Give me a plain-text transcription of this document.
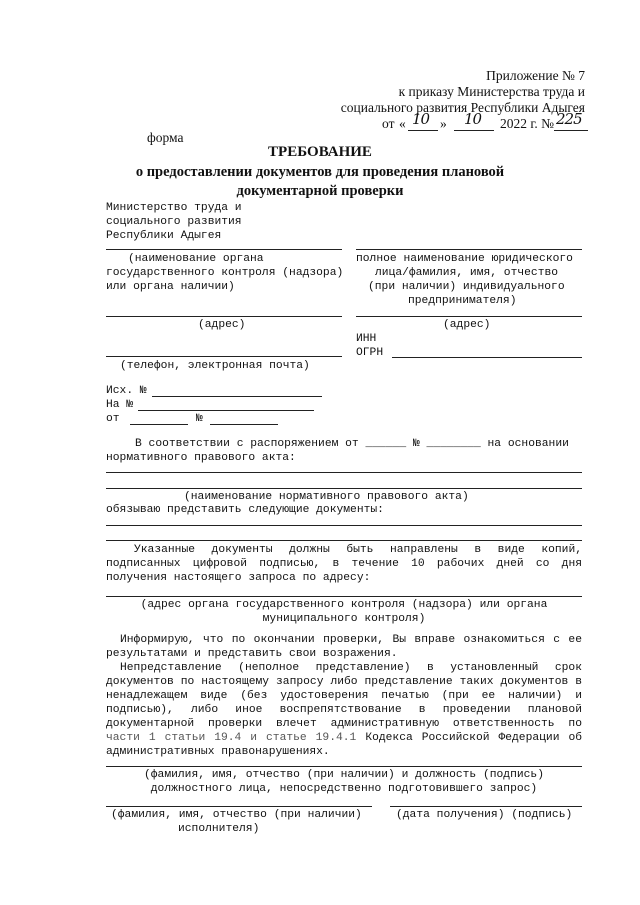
Приложение № 7
к приказу Министерства труда и
социального развития Республики Адыгея
от « 10 » 10 2022 г. № 225
форма
ТРЕБОВАНИЕ
о предоставлении документов для проведения плановой
документарной проверки
Министерство труда и
социального развития
Республики Адыгея
(наименование органа
государственного контроля (надзора)
или органа наличии)
полное наименование юридического
лица/фамилия, имя, отчество
(при наличии) индивидуального
предпринимателя)
(адрес)	(адрес)
ИНН
ОГРН
(телефон, электронная почта)
Исх. №
На №
от	№
В соответствии с распоряжением от ______ № ________ на основании
нормативного правового акта:
(наименование нормативного правового акта)
обязываю представить следующие документы:
Указанные документы должны быть направлены в виде копий, подписанных цифровой подписью, в течение 10 рабочих дней со дня получения настоящего запроса по адресу:
(адрес органа государственного контроля (надзора) или органа
муниципального контроля)
Информирую, что по окончании проверки, Вы вправе ознакомиться с ее результатами и представить свои возражения.
Непредставление (неполное представление) в установленный срок документов по настоящему запросу либо представление таких документов в ненадлежащем виде (без удостоверения печатью (при ее наличии) и подписью), либо иное воспрепятствование в проведении плановой документарной проверки влечет административную ответственность по части 1 статьи 19.4 и статье 19.4.1 Кодекса Российской Федерации об административных правонарушениях.
(фамилия, имя, отчество (при наличии) и должность (подпись)
должностного лица, непосредственно подготовившего запрос)
(фамилия, имя, отчество (при наличии)
исполнителя)
(дата получения) (подпись)
